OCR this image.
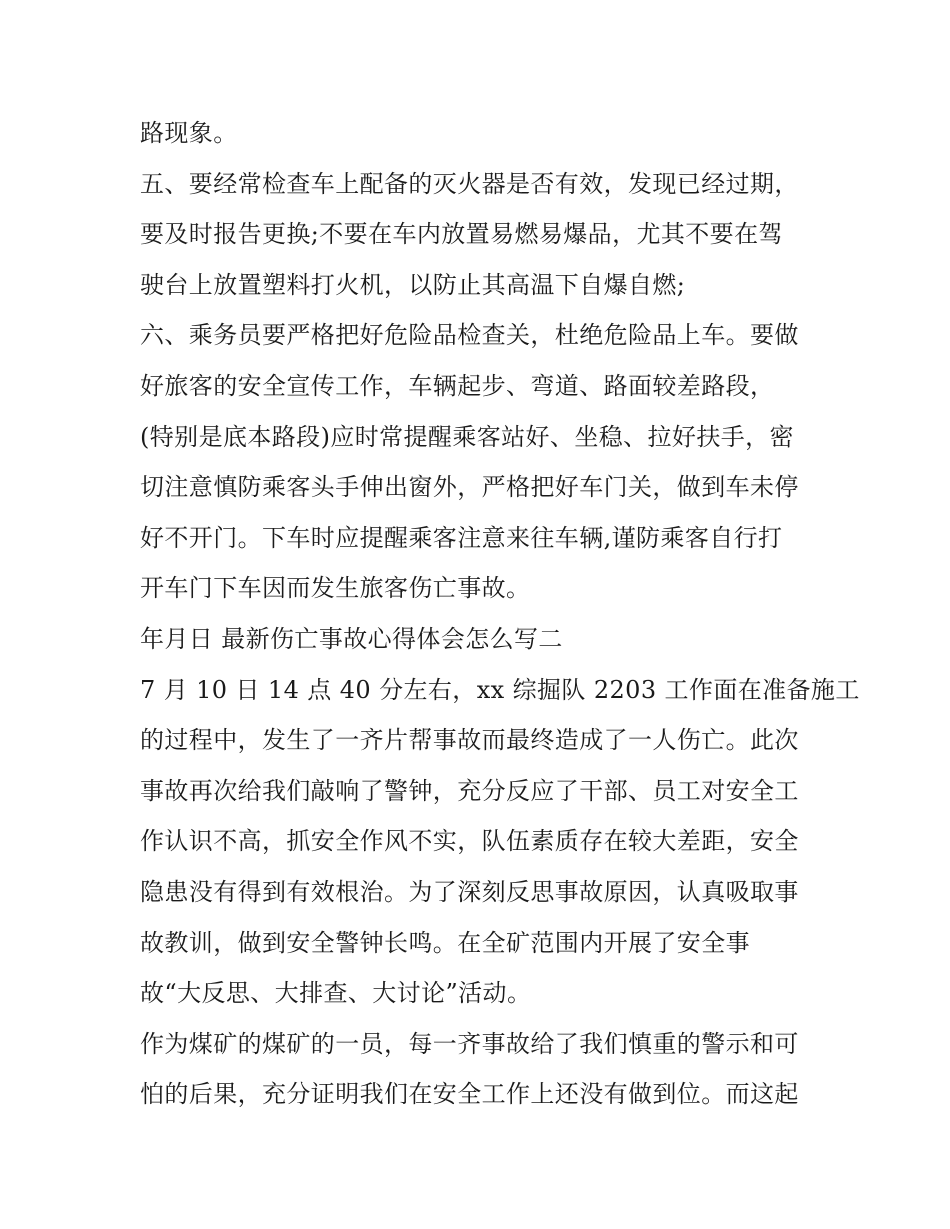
路现象。
五、要经常检查车上配备的灭火器是否有效，发现已经过期，
要及时报告更换;不要在车内放置易燃易爆品，尤其不要在驾
驶台上放置塑料打火机，以防止其高温下自爆自燃;
六、乘务员要严格把好危险品检查关，杜绝危险品上车。要做
好旅客的安全宣传工作，车辆起步、弯道、路面较差路段，
(特别是底本路段)应时常提醒乘客站好、坐稳、拉好扶手，密
切注意慎防乘客头手伸出窗外，严格把好车门关，做到车未停
好不开门。下车时应提醒乘客注意来往车辆,谨防乘客自行打
开车门下车因而发生旅客伤亡事故。
年月日 最新伤亡事故心得体会怎么写二
7 月 10 日 14 点 40 分左右，xx 综掘队 2203 工作面在准备施工
的过程中，发生了一齐片帮事故而最终造成了一人伤亡。此次
事故再次给我们敲响了警钟，充分反应了干部、员工对安全工
作认识不高，抓安全作风不实，队伍素质存在较大差距，安全
隐患没有得到有效根治。为了深刻反思事故原因，认真吸取事
故教训，做到安全警钟长鸣。在全矿范围内开展了安全事
故“大反思、大排查、大讨论”活动。
作为煤矿的煤矿的一员，每一齐事故给了我们慎重的警示和可
怕的后果，充分证明我们在安全工作上还没有做到位。而这起
